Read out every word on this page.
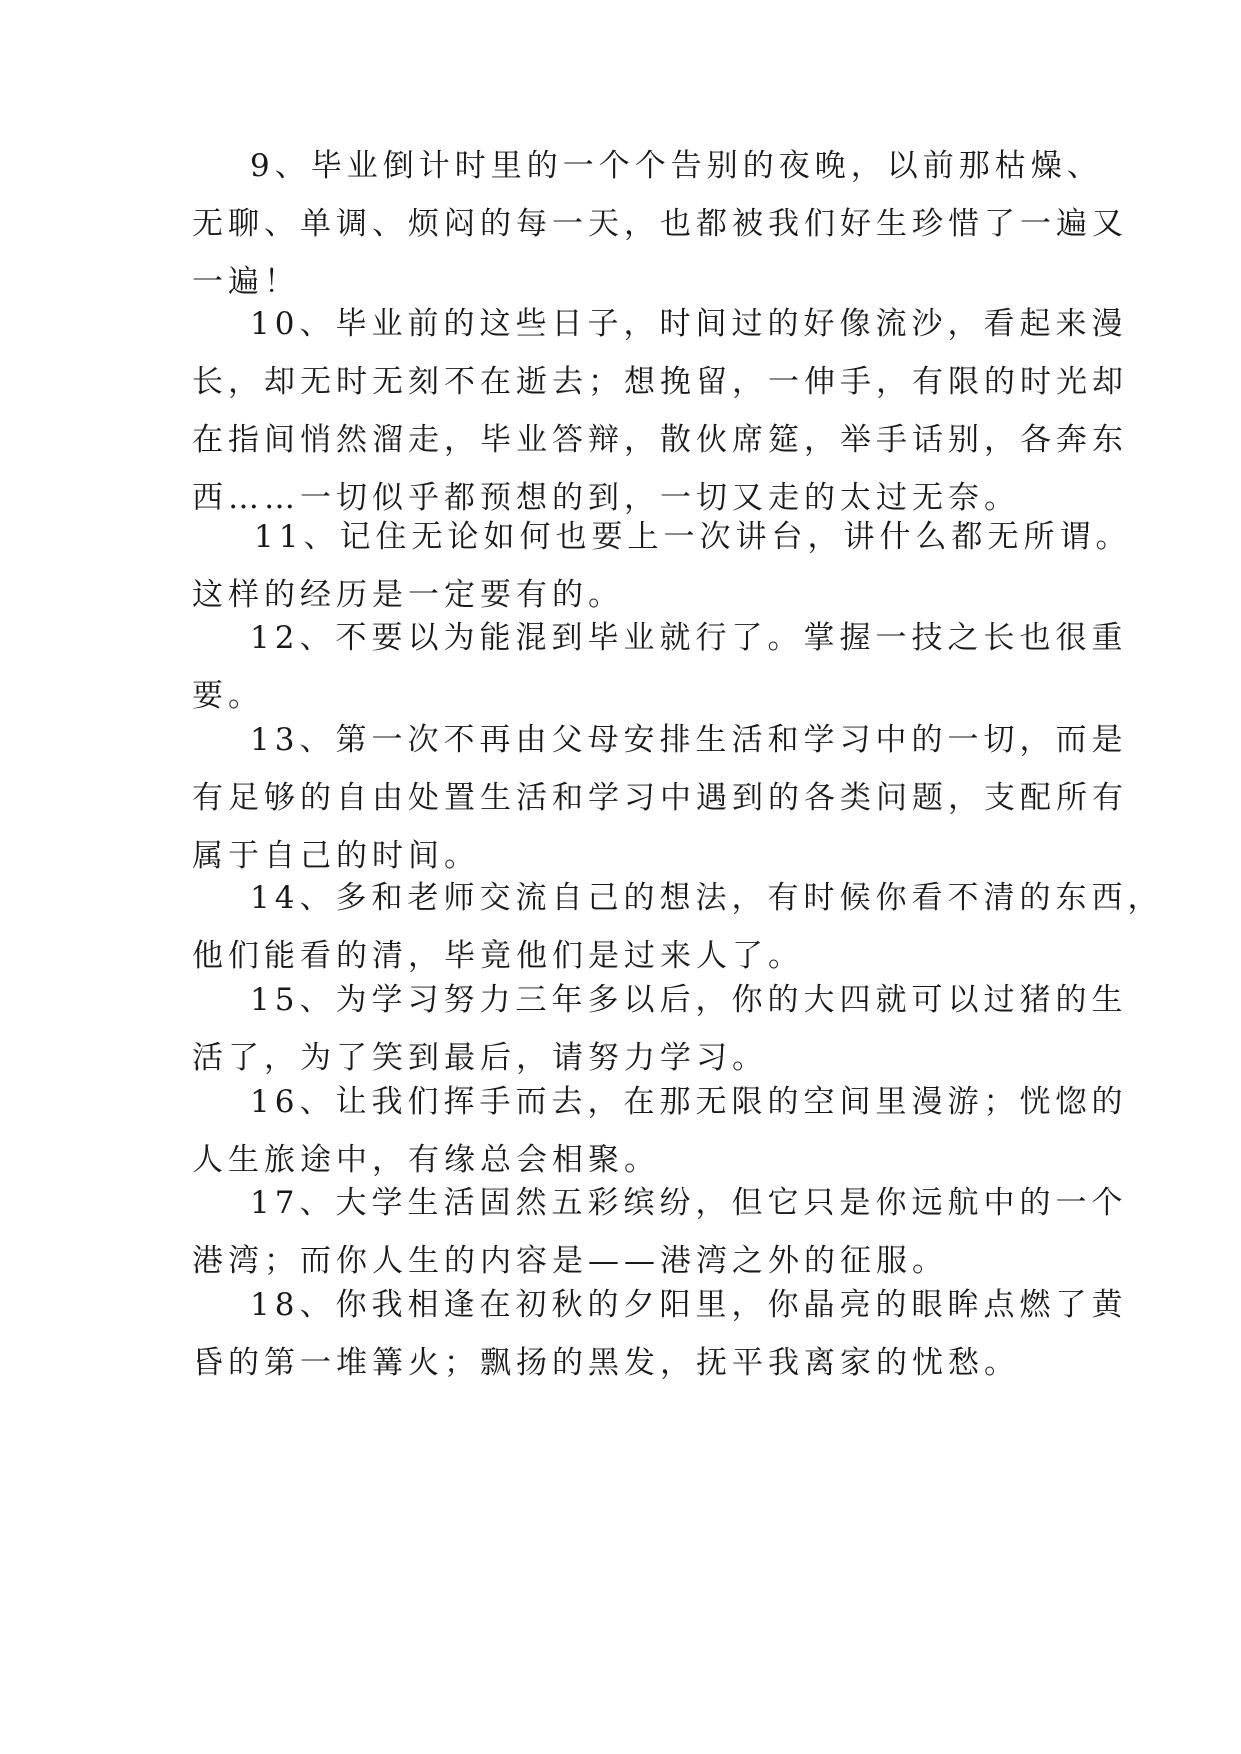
9、毕业倒计时里的一个个告别的夜晚，以前那枯燥、
无聊、单调、烦闷的每一天，也都被我们好生珍惜了一遍又
一遍！
10、毕业前的这些日子，时间过的好像流沙，看起来漫
长，却无时无刻不在逝去；想挽留，一伸手，有限的时光却
在指间悄然溜走，毕业答辩，散伙席筵，举手话别，各奔东
西……一切似乎都预想的到，一切又走的太过无奈。
11、记住无论如何也要上一次讲台，讲什么都无所谓。
这样的经历是一定要有的。
12、不要以为能混到毕业就行了。掌握一技之长也很重
要。
13、第一次不再由父母安排生活和学习中的一切，而是
有足够的自由处置生活和学习中遇到的各类问题，支配所有
属于自己的时间。
14、多和老师交流自己的想法，有时候你看不清的东西，
他们能看的清，毕竟他们是过来人了。
15、为学习努力三年多以后，你的大四就可以过猪的生
活了，为了笑到最后，请努力学习。
16、让我们挥手而去，在那无限的空间里漫游；恍惚的
人生旅途中，有缘总会相聚。
17、大学生活固然五彩缤纷，但它只是你远航中的一个
港湾；而你人生的内容是——港湾之外的征服。
18、你我相逢在初秋的夕阳里，你晶亮的眼眸点燃了黄
昏的第一堆篝火；飘扬的黑发，抚平我离家的忧愁。
